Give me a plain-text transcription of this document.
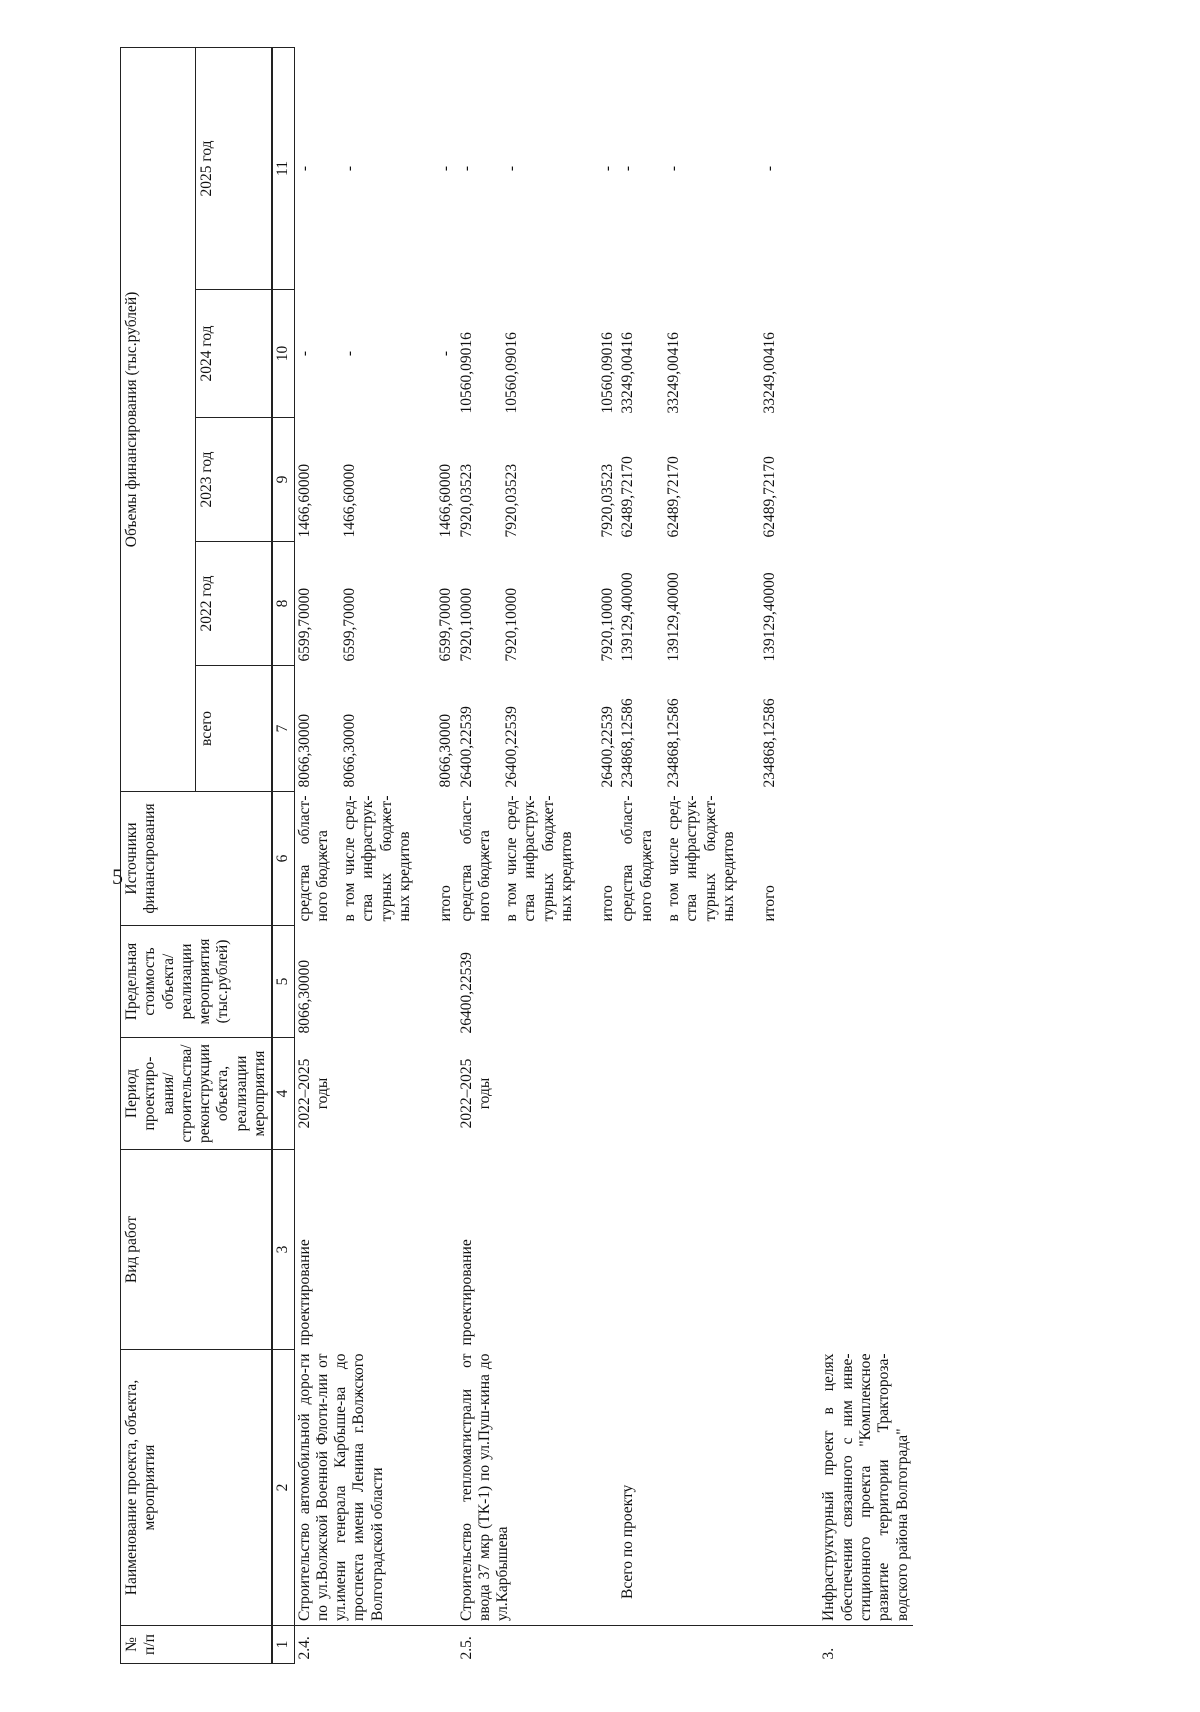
5
№ п/п	Наименование проекта, объекта, мероприятия	Вид работ	Период проектиро-вания/ строительства/ реконструкции объекта, реализации мероприятия	Предельная стоимость объекта/ реализации мероприятия (тыс.рублей)	Источники финансирования	Объемы финансирования (тыс.рублей)				
						всего	2022 год	2023 год	2024 год	2025 год
1	2	3	4	5	6	7	8	9	10	11
2.4.	Строительство автомобильной доро-ги по ул.Волжской Военной Флоти-лии от ул.имени генерала Карбыше-ва до проспекта имени Ленина г.Волжского Волгоградской области	проектирование	2022–2025 годы	8066,30000	средства област-ного бюджета	8066,30000	6599,70000	1466,60000	-	-
					в том числе сред-ства инфраструк-турных бюджет-ных кредитов	8066,30000	6599,70000	1466,60000	-	-
					итого	8066,30000	6599,70000	1466,60000	-	-
2.5.	Строительство тепломагистрали от ввода 37 мкр (ТК-1) по ул.Пуш-кина до ул.Карбышева	проектирование	2022–2025 годы	26400,22539	средства област-ного бюджета	26400,22539	7920,10000	7920,03523	10560,09016	-
					в том числе сред-ства инфраструк-турных бюджет-ных кредитов	26400,22539	7920,10000	7920,03523	10560,09016	-
					итого	26400,22539	7920,10000	7920,03523	10560,09016	-
	Всего по проекту				средства област-ного бюджета	234868,12586	139129,40000	62489,72170	33249,00416	-
					в том числе сред-ства инфраструк-турных бюджет-ных кредитов	234868,12586	139129,40000	62489,72170	33249,00416	-
					итого	234868,12586	139129,40000	62489,72170	33249,00416	-
3.	Инфраструктурный проект в целях обеспечения связанного с ним инве-стиционного проекта "Комплексное развитие территории Трактороза-водского района Волгограда"									
